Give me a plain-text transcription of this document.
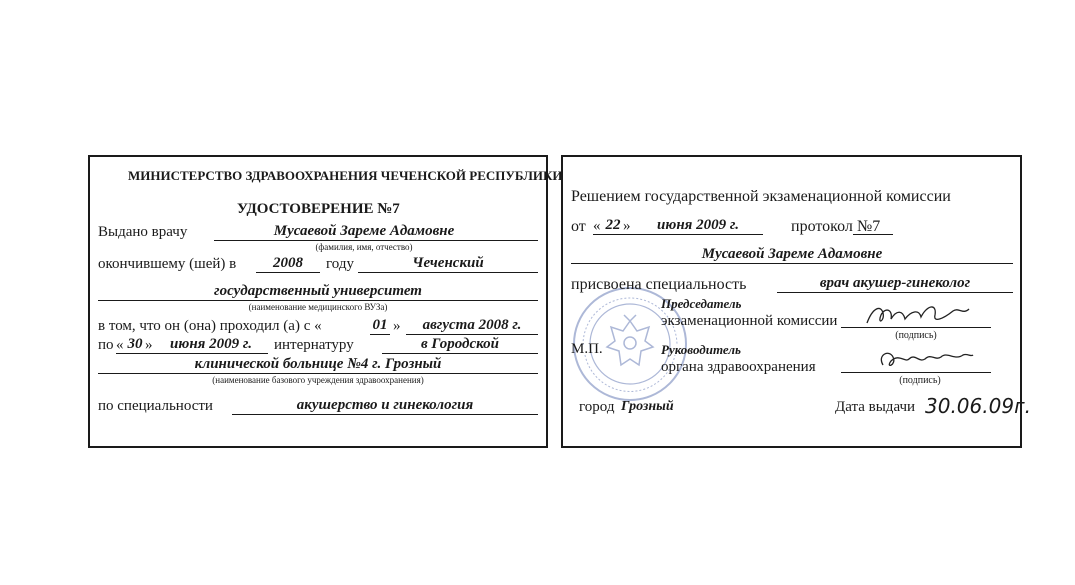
МИНИСТЕРСТВО ЗДРАВООХРАНЕНИЯ ЧЕЧЕНСКОЙ РЕСПУБЛИКИ
УДОСТОВЕРЕНИЕ №7
Выдано врачу	Мусаевой Зареме Адамовне
(фамилия, имя, отчество)
окончившему (шей) в	2008	году	Чеченский
государственный университет
(наименование медицинского ВУЗа)
в том, что он (она) проходил (а) с «	01 »	августа 2008 г.
по « 30 »	июня 2009 г.	интернатуру	в Городской
клинической больнице №4 г. Грозный
(наименование базового учреждения здравоохранения)
по специальности	акушерство и гинекология
Решением государственной экзаменационной комиссии
от « 22 »	июня 2009 г.	протокол №7
Мусаевой Зареме Адамовне
присвоена специальность	врач акушер-гинеколог
Председатель
экзаменационной комиссии
(подпись)
М.П.	Руководитель
органа здравоохранения
(подпись)
город Грозный	Дата выдачи 30.06.09г.
